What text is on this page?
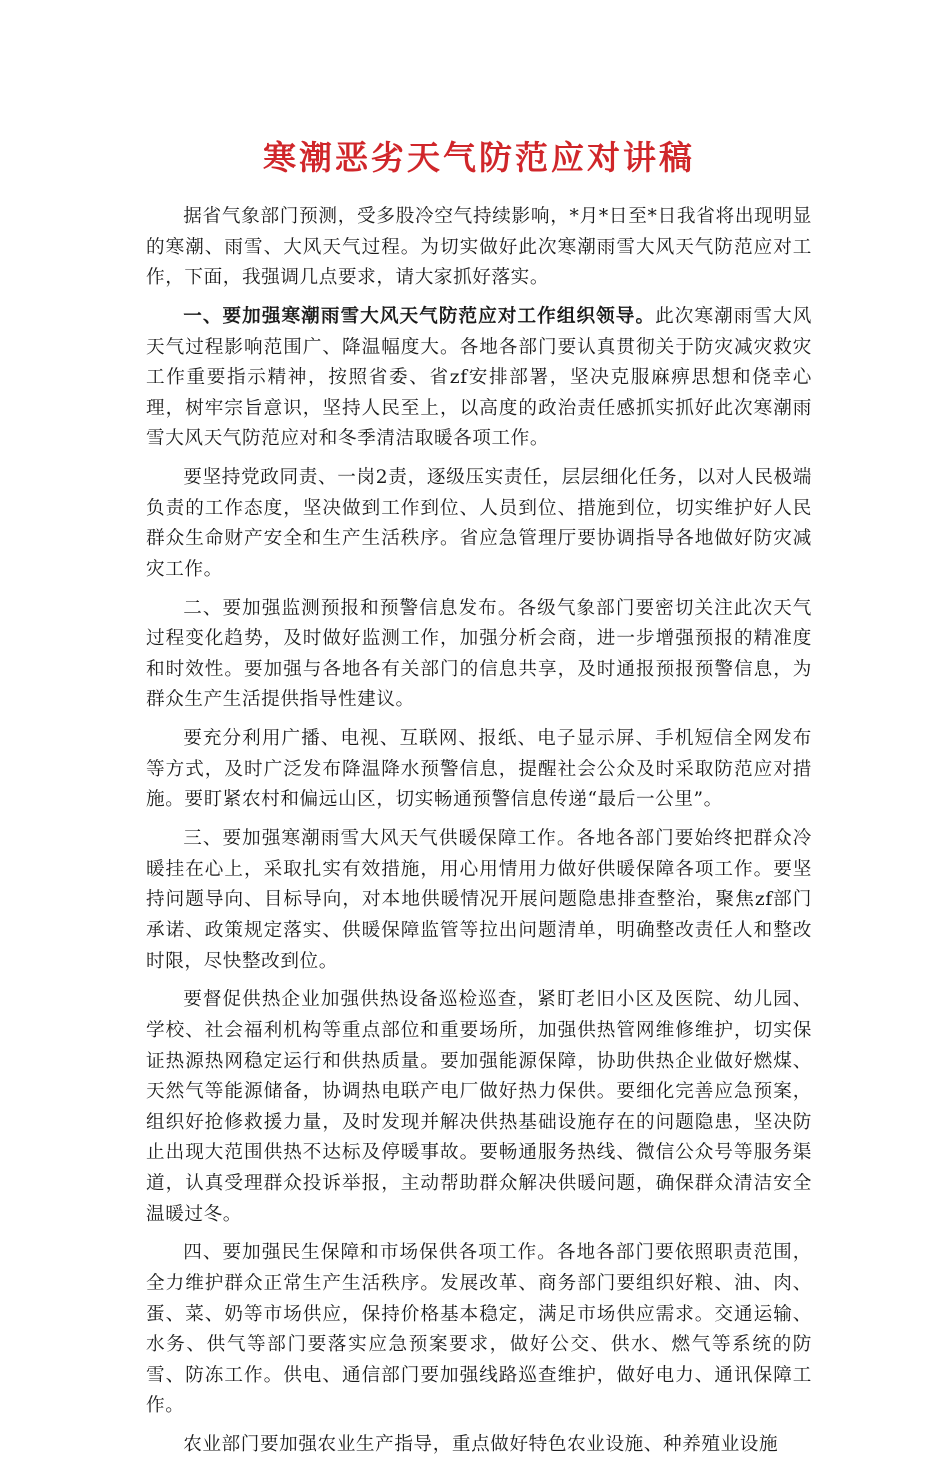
寒潮恶劣天气防范应对讲稿

据省气象部门预测，受多股冷空气持续影响，*月*日至*日我省将出现明显的寒潮、雨雪、大风天气过程。为切实做好此次寒潮雨雪大风天气防范应对工作，下面，我强调几点要求，请大家抓好落实。

一、要加强寒潮雨雪大风天气防范应对工作组织领导。此次寒潮雨雪大风天气过程影响范围广、降温幅度大。各地各部门要认真贯彻关于防灾减灾救灾工作重要指示精神，按照省委、省zf安排部署，坚决克服麻痹思想和侥幸心理，树牢宗旨意识，坚持人民至上，以高度的政治责任感抓实抓好此次寒潮雨雪大风天气防范应对和冬季清洁取暖各项工作。

要坚持党政同责、一岗2责，逐级压实责任，层层细化任务，以对人民极端负责的工作态度，坚决做到工作到位、人员到位、措施到位，切实维护好人民群众生命财产安全和生产生活秩序。省应急管理厅要协调指导各地做好防灾减灾工作。

二、要加强监测预报和预警信息发布。各级气象部门要密切关注此次天气过程变化趋势，及时做好监测工作，加强分析会商，进一步增强预报的精准度和时效性。要加强与各地各有关部门的信息共享，及时通报预报预警信息，为群众生产生活提供指导性建议。

要充分利用广播、电视、互联网、报纸、电子显示屏、手机短信全网发布等方式，及时广泛发布降温降水预警信息，提醒社会公众及时采取防范应对措施。要盯紧农村和偏远山区，切实畅通预警信息传递“最后一公里”。

三、要加强寒潮雨雪大风天气供暖保障工作。各地各部门要始终把群众冷暖挂在心上，采取扎实有效措施，用心用情用力做好供暖保障各项工作。要坚持问题导向、目标导向，对本地供暖情况开展问题隐患排查整治，聚焦zf部门承诺、政策规定落实、供暖保障监管等拉出问题清单，明确整改责任人和整改时限，尽快整改到位。

要督促供热企业加强供热设备巡检巡查，紧盯老旧小区及医院、幼儿园、学校、社会福利机构等重点部位和重要场所，加强供热管网维修维护，切实保证热源热网稳定运行和供热质量。要加强能源保障，协助供热企业做好燃煤、天然气等能源储备，协调热电联产电厂做好热力保供。要细化完善应急预案，组织好抢修救援力量，及时发现并解决供热基础设施存在的问题隐患，坚决防止出现大范围供热不达标及停暖事故。要畅通服务热线、微信公众号等服务渠道，认真受理群众投诉举报，主动帮助群众解决供暖问题，确保群众清洁安全温暖过冬。

四、要加强民生保障和市场保供各项工作。各地各部门要依照职责范围，全力维护群众正常生产生活秩序。发展改革、商务部门要组织好粮、油、肉、蛋、菜、奶等市场供应，保持价格基本稳定，满足市场供应需求。交通运输、水务、供气等部门要落实应急预案要求，做好公交、供水、燃气等系统的防雪、防冻工作。供电、通信部门要加强线路巡查维护，做好电力、通讯保障工作。

农业部门要加强农业生产指导，重点做好特色农业设施、种养殖业设施
